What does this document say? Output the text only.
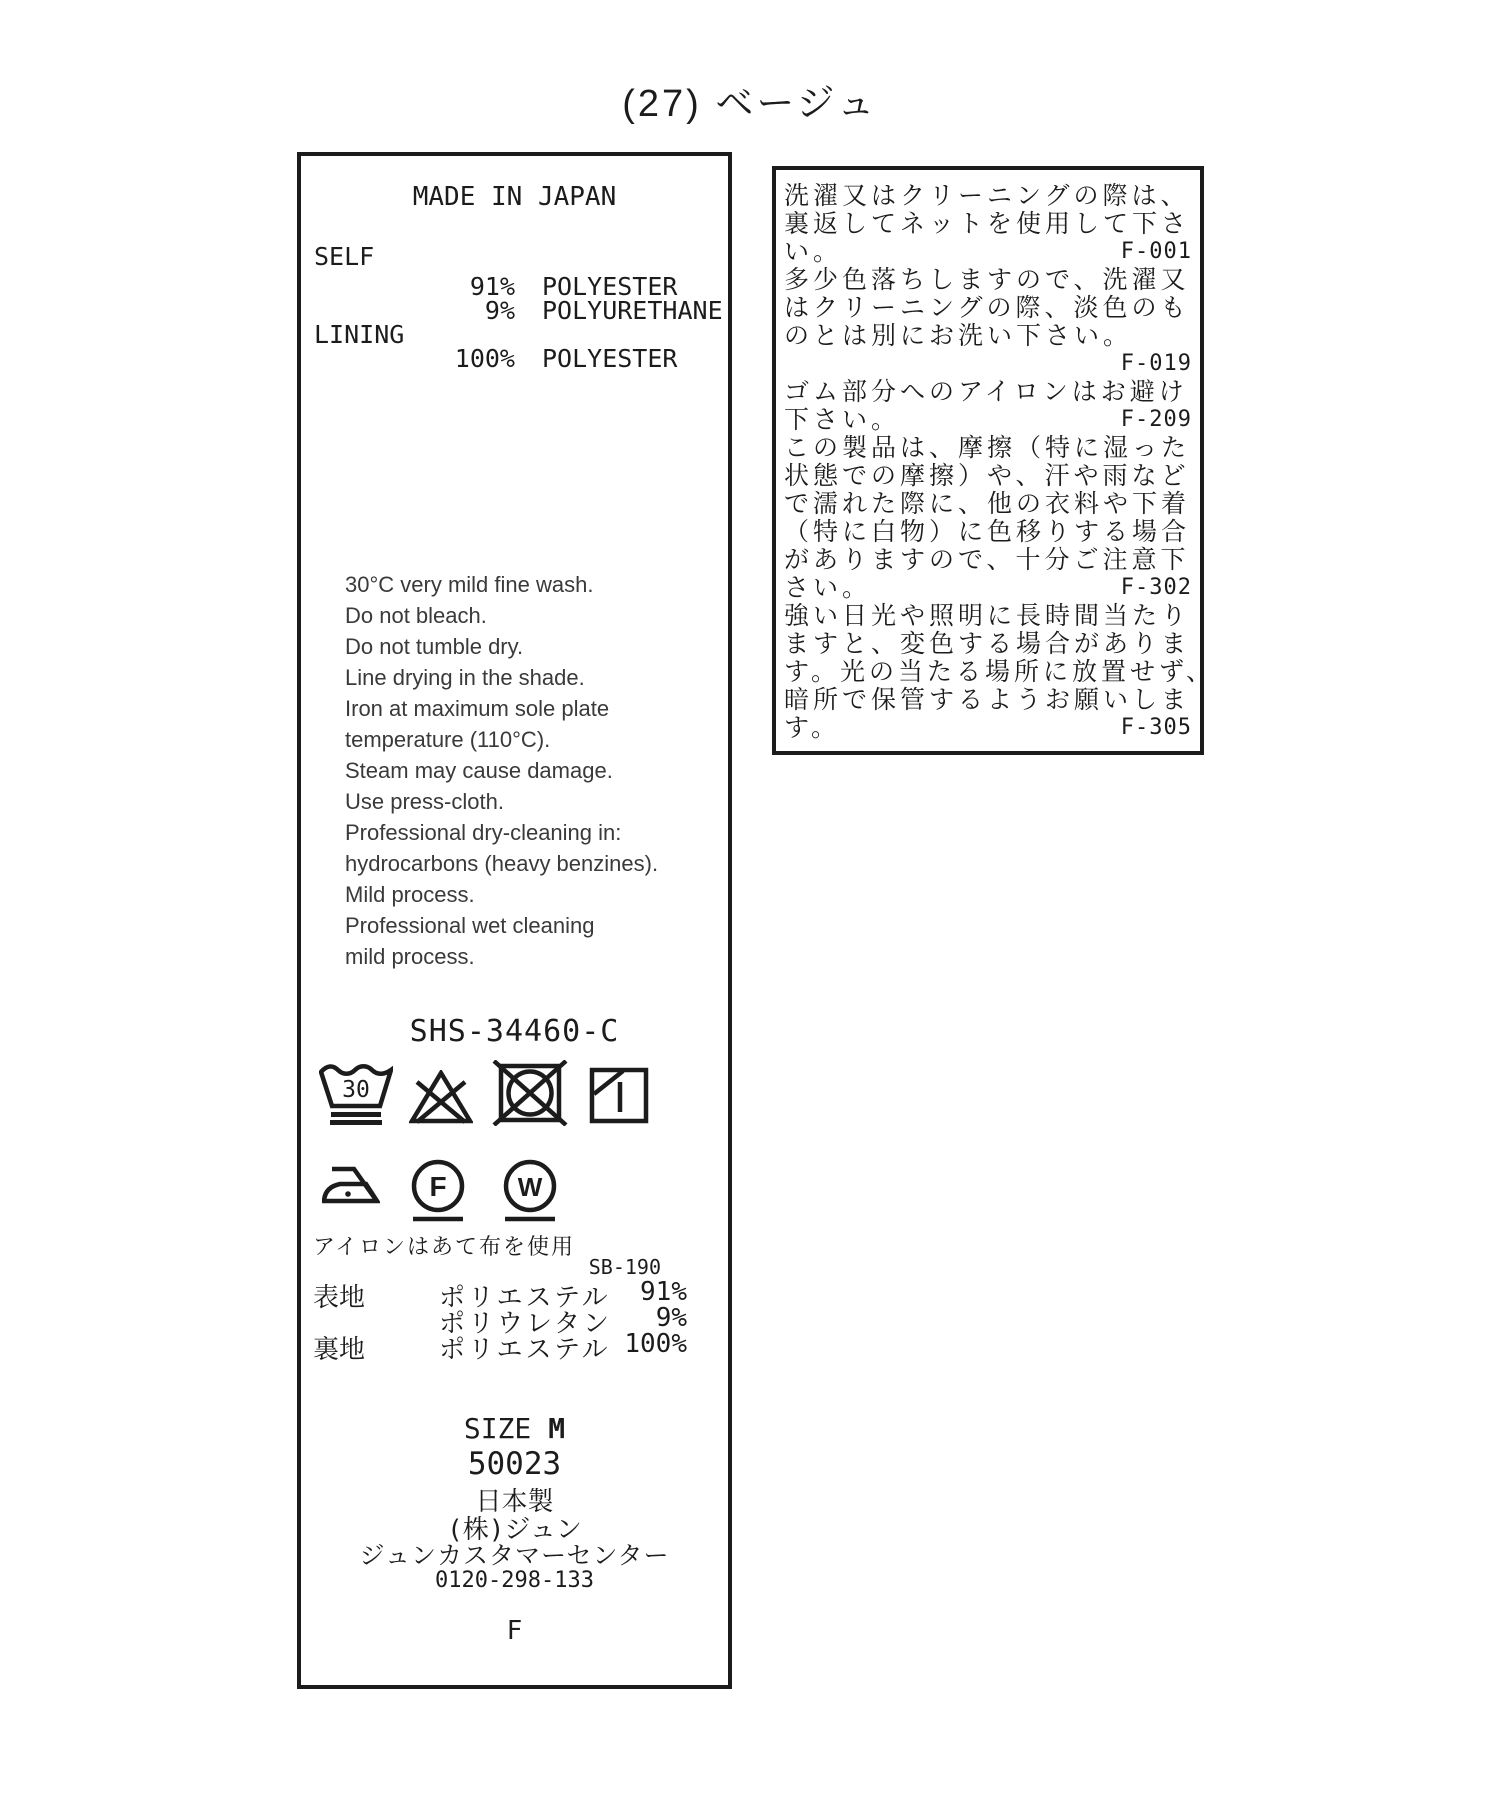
(27) ベージュ
MADE IN JAPAN
SELF
91% POLYESTER
9% POLYURETHANE
LINING
100% POLYESTER
30°C very mild fine wash.
Do not bleach.
Do not tumble dry.
Line drying in the shade.
Iron at maximum sole plate
temperature (110°C).
Steam may cause damage.
Use press-cloth.
Professional dry-cleaning in:
hydrocarbons (heavy benzines).
Mild process.
Professional wet cleaning
mild process.
SHS-34460-C
30
F	W
アイロンはあて布を使用
SB-190
表地	ポリエステル	91%
ポリウレタン	9%
裏地	ポリエステル 100%
SIZE M
50023
日本製
(株)ジュン
ジュンカスタマーセンター
0120-298-133
F
洗濯又はクリーニングの際は、
裏返してネットを使用して下さ
い。	F-001
多少色落ちしますので、洗濯又
はクリーニングの際、淡色のも
のとは別にお洗い下さい。
F-019
ゴム部分へのアイロンはお避け
下さい。	F-209
この製品は、摩擦（特に湿った
状態での摩擦）や、汗や雨など
で濡れた際に、他の衣料や下着
（特に白物）に色移りする場合
がありますので、十分ご注意下
さい。	F-302
強い日光や照明に長時間当たり
ますと、変色する場合がありま
す。光の当たる場所に放置せず、
暗所で保管するようお願いしま
す。	F-305
